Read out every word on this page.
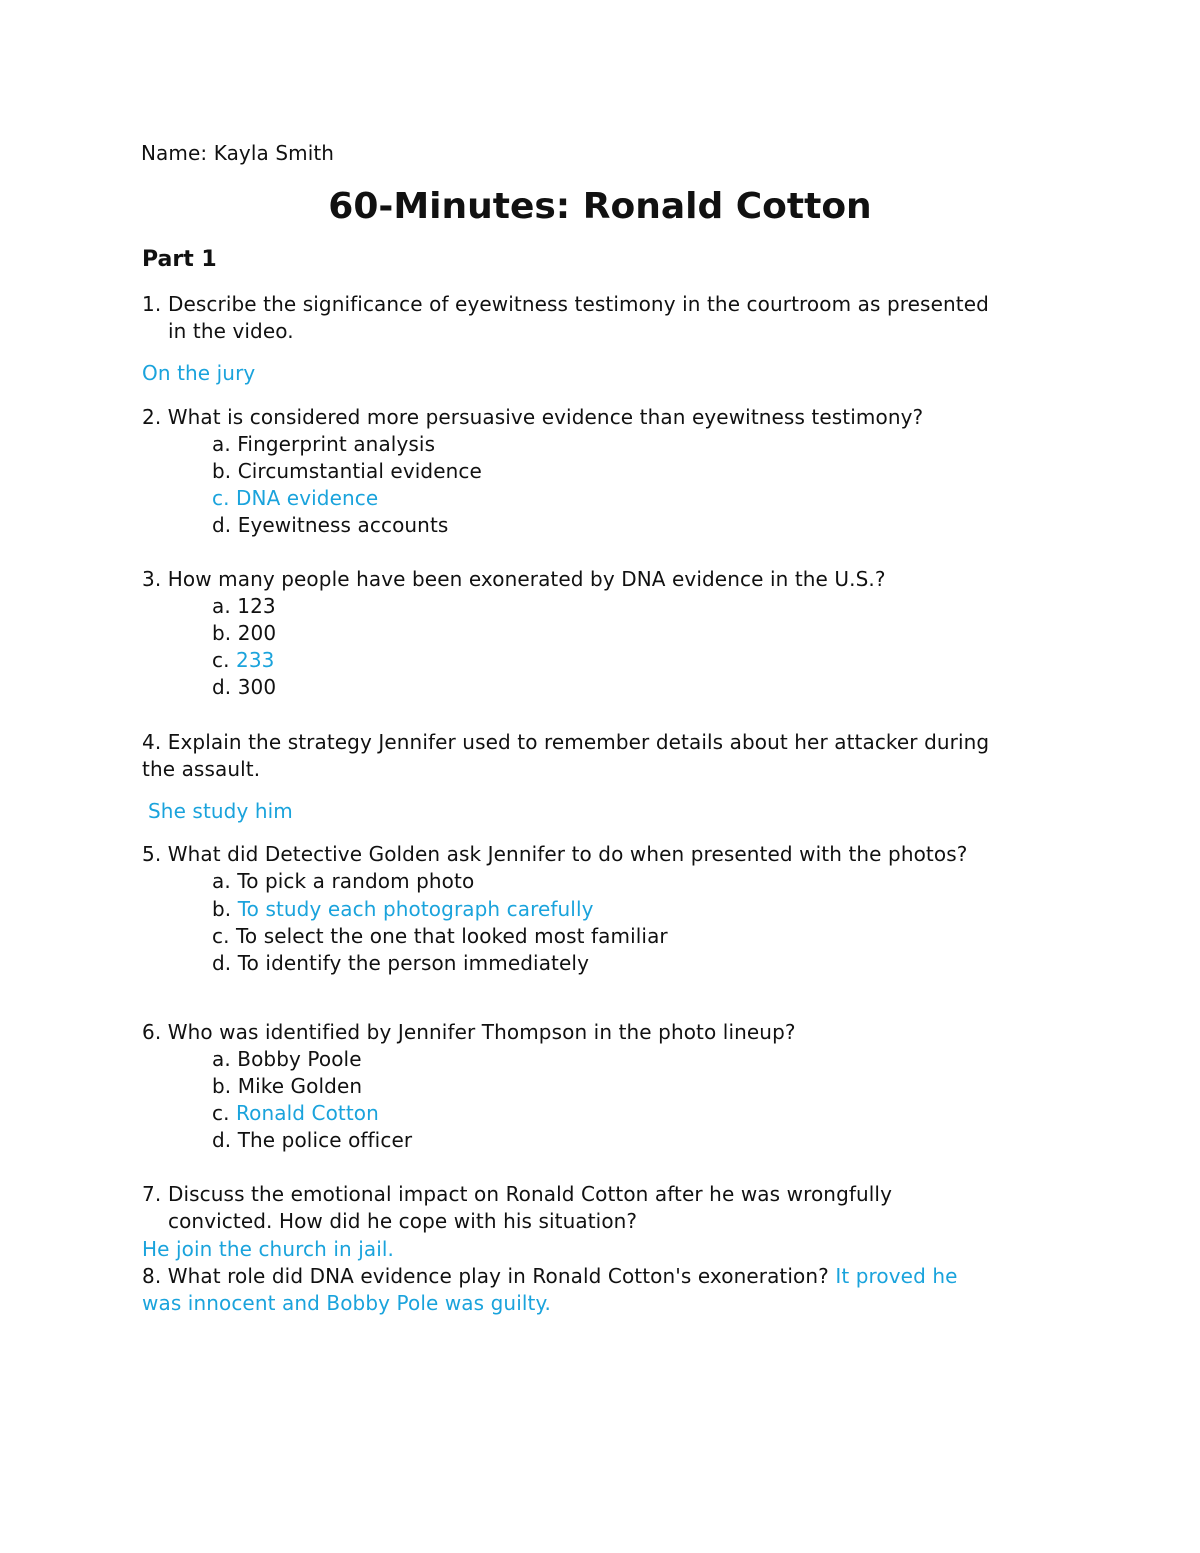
Name: Kayla Smith
60-Minutes: Ronald Cotton
Part 1
1. Describe the significance of eyewitness testimony in the courtroom as presented
in the video.
On the jury
2. What is considered more persuasive evidence than eyewitness testimony?
a. Fingerprint analysis
b. Circumstantial evidence
c. DNA evidence
d. Eyewitness accounts
3. How many people have been exonerated by DNA evidence in the U.S.?
a. 123
b. 200
c. 233
d. 300
4. Explain the strategy Jennifer used to remember details about her attacker during
the assault.
She study him
5. What did Detective Golden ask Jennifer to do when presented with the photos?
a. To pick a random photo
b. To study each photograph carefully
c. To select the one that looked most familiar
d. To identify the person immediately
6. Who was identified by Jennifer Thompson in the photo lineup?
a. Bobby Poole
b. Mike Golden
c. Ronald Cotton
d. The police officer
7. Discuss the emotional impact on Ronald Cotton after he was wrongfully
convicted. How did he cope with his situation?
He join the church in jail.
8. What role did DNA evidence play in Ronald Cotton's exoneration? It proved he
was innocent and Bobby Pole was guilty.
